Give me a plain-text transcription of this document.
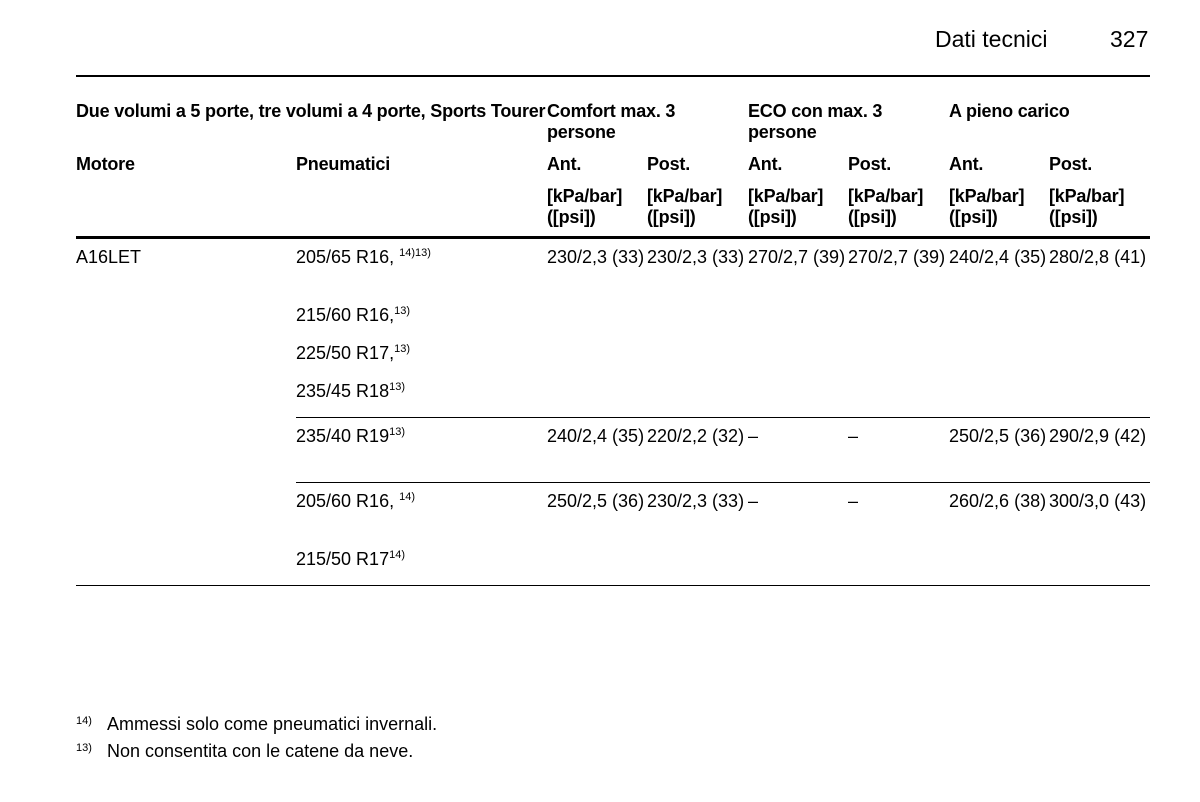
Dati tecnici	327
Due volumi a 5 porte, tre volumi a 4 porte, Sports Tourer		Comfort max. 3 persone		ECO con max. 3 persone		A pieno carico	
Motore	Pneumatici	Ant.	Post.	Ant.	Post.	Ant.	Post.
		[kPa/bar] ([psi])	[kPa/bar] ([psi])	[kPa/bar] ([psi])	[kPa/bar] ([psi])	[kPa/bar] ([psi])	[kPa/bar] ([psi])
A16LET	205/65 R16, $^{14)13)}$	230/2,3 (33)	230/2,3 (33)	270/2,7 (39)	270/2,7 (39)	240/2,4 (35)	280/2,8 (41)
	215/60 R16,$^{13)}$						
	225/50 R17,$^{13)}$						
	235/45 R18$^{13)}$						
	235/40 R19$^{13)}$	240/2,4 (35)	220/2,2 (32)	–	–	250/2,5 (36)	290/2,9 (42)
	205/60 R16, $^{14)}$	250/2,5 (36)	230/2,3 (33)	–	–	260/2,6 (38)	300/3,0 (43)
	215/50 R17$^{14)}$						

14) Ammessi solo come pneumatici invernali.
13) Non consentita con le catene da neve.
